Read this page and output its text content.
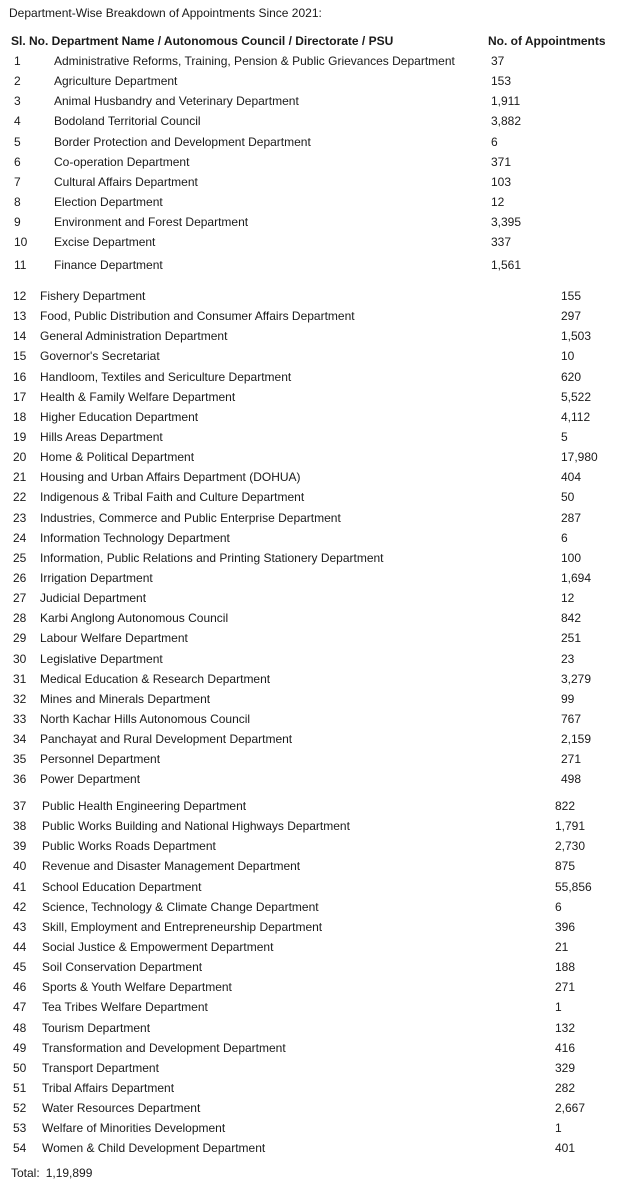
Department-Wise Breakdown of Appointments Since 2021:
Sl. No. Department Name / Autonomous Council / Directorate / PSU	No. of Appointments
1	Administrative Reforms, Training, Pension & Public Grievances Department	37
2	Agriculture Department	153
3	Animal Husbandry and Veterinary Department	1,911
4	Bodoland Territorial Council	3,882
5	Border Protection and Development Department	6
6	Co-operation Department	371
7	Cultural Affairs Department	103
8	Election Department	12
9	Environment and Forest Department	3,395
10 Excise Department	337
11 Finance Department	1,561
12 Fishery Department	155
13 Food, Public Distribution and Consumer Affairs Department	297
14 General Administration Department	1,503
15 Governor's Secretariat	10
16 Handloom, Textiles and Sericulture Department	620
17 Health & Family Welfare Department	5,522
18 Higher Education Department	4,112
19 Hills Areas Department	5
20 Home & Political Department	17,980
21 Housing and Urban Affairs Department (DOHUA)	404
22 Indigenous & Tribal Faith and Culture Department	50
23 Industries, Commerce and Public Enterprise Department	287
24 Information Technology Department	6
25 Information, Public Relations and Printing Stationery Department	100
26 Irrigation Department	1,694
27 Judicial Department	12
28 Karbi Anglong Autonomous Council	842
29 Labour Welfare Department	251
30 Legislative Department	23
31 Medical Education & Research Department	3,279
32 Mines and Minerals Department	99
33 North Kachar Hills Autonomous Council	767
34 Panchayat and Rural Development Department	2,159
35 Personnel Department	271
36 Power Department	498
37 Public Health Engineering Department	822
38 Public Works Building and National Highways Department	1,791
39 Public Works Roads Department	2,730
40 Revenue and Disaster Management Department	875
41 School Education Department	55,856
42 Science, Technology & Climate Change Department	6
43 Skill, Employment and Entrepreneurship Department	396
44 Social Justice & Empowerment Department	21
45 Soil Conservation Department	188
46 Sports & Youth Welfare Department	271
47 Tea Tribes Welfare Department	1
48 Tourism Department	132
49 Transformation and Development Department	416
50 Transport Department	329
51 Tribal Affairs Department	282
52 Water Resources Department	2,667
53 Welfare of Minorities Development	1
54 Women & Child Development Department	401
Total: 1,19,899
